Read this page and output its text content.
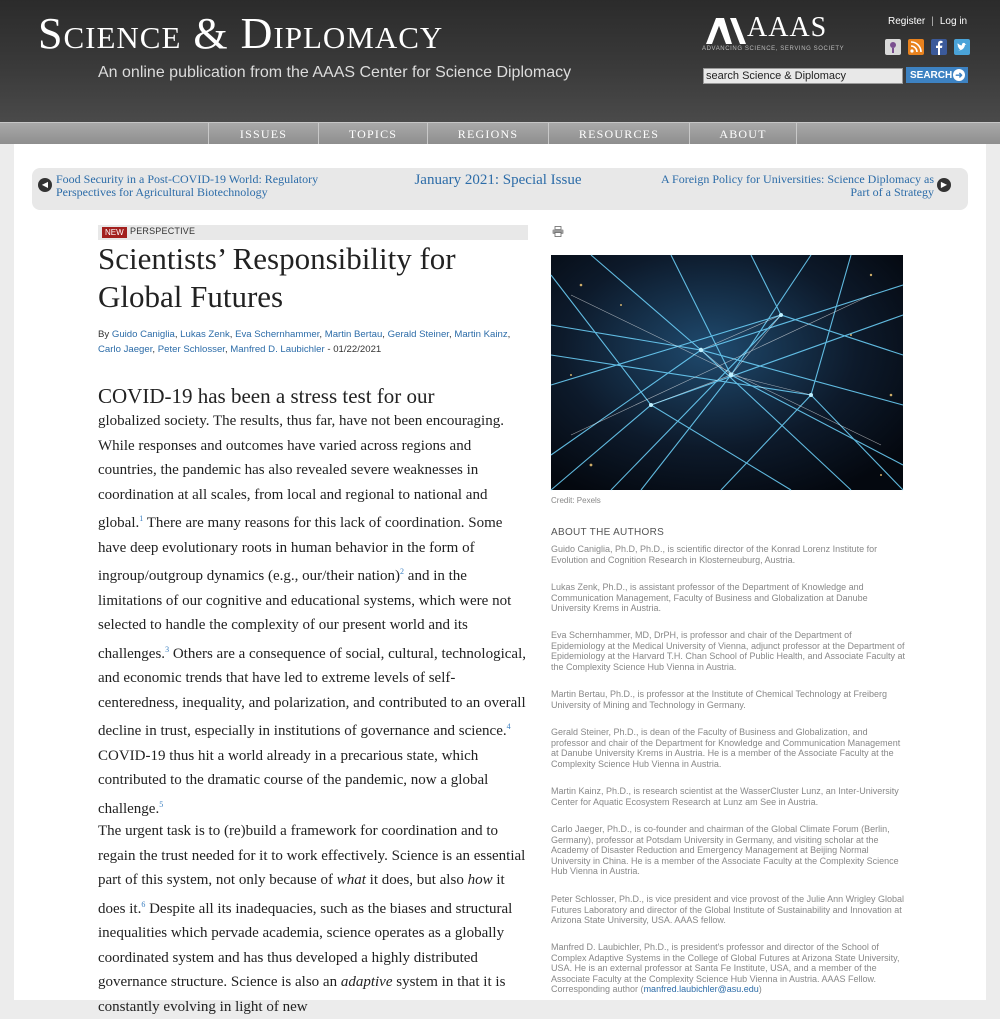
Science & Diplomacy
An online publication from the AAAS Center for Science Diplomacy
AAAS
ADVANCING SCIENCE, SERVING SOCIETY
Register | Log in
search Science & Diplomacy
SEARCH ➜
ISSUES	TOPICS	REGIONS	RESOURCES	ABOUT
◀ Food Security in a Post-COVID-19 World: Regulatory Perspectives for Agricultural Biotechnology
January 2021: Special Issue	A Foreign Policy for Universities: Science Diplomacy as Part of a Strategy
▶
NEW PERSPECTIVE
Scientists’ Responsibility for Global Futures
By Guido Caniglia, Lukas Zenk, Eva Schernhammer, Martin Bertau, Gerald Steiner, Martin Kainz, Carlo Jaeger, Peter Schlosser, Manfred D. Laubichler - 01/22/2021
COVID-19 has been a stress test for our

globalized society. The results, thus far, have not been encouraging. While responses and outcomes have varied across regions and countries, the pandemic has also revealed severe weaknesses in coordination at all scales, from local and regional to national and global.$^1$ There are many reasons for this lack of coordination. Some have deep evolutionary roots in human behavior in the form of ingroup/outgroup dynamics (e.g., our/their nation)$^2$ and in the limitations of our cognitive and educational systems, which were not selected to handle the complexity of our present world and its challenges.$^3$ Others are a consequence of social, cultural, technological, and economic trends that have led to extreme levels of self-centeredness, inequality, and polarization, and contributed to an overall decline in trust, especially in institutions of governance and science.$^4$ COVID-19 thus hit a world already in a precarious state, which contributed to the dramatic course of the pandemic, now a global challenge.$^5$

The urgent task is to (re)build a framework for coordination and to regain the trust needed for it to work effectively. Science is an essential part of this system, not only because of what it does, but also how it does it.$^6$ Despite all its inadequacies, such as the biases and structural inequalities which pervade academia, science operates as a globally coordinated system and has thus developed a highly distributed governance structure. Science is also an adaptive system in that it is constantly evolving in light of new

Credit: Pexels
ABOUT THE AUTHORS
Guido Caniglia, Ph.D, Ph.D., is scientific director of the Konrad Lorenz Institute for Evolution and Cognition Research in Klosterneuburg, Austria.
Lukas Zenk, Ph.D., is assistant professor of the Department of Knowledge and Communication Management, Faculty of Business and Globalization at Danube University Krems in Austria.
Eva Schernhammer, MD, DrPH, is professor and chair of the Department of Epidemiology at the Medical University of Vienna, adjunct professor at the Department of Epidemiology at the Harvard T.H. Chan School of Public Health, and Associate Faculty at the Complexity Science Hub Vienna in Austria.
Martin Bertau, Ph.D., is professor at the Institute of Chemical Technology at Freiberg University of Mining and Technology in Germany.
Gerald Steiner, Ph.D., is dean of the Faculty of Business and Globalization, and professor and chair of the Department for Knowledge and Communication Management at Danube University Krems in Austria. He is a member of the Associate Faculty at the Complexity Science Hub Vienna in Austria.
Martin Kainz, Ph.D., is research scientist at the WasserCluster Lunz, an Inter-University Center for Aquatic Ecosystem Research at Lunz am See in Austria.
Carlo Jaeger, Ph.D., is co-founder and chairman of the Global Climate Forum (Berlin, Germany), professor at Potsdam University in Germany, and visiting scholar at the Academy of Disaster Reduction and Emergency Management at Beijing Normal University in China. He is a member of the Associate Faculty at the Complexity Science Hub Vienna in Austria.
Peter Schlosser, Ph.D., is vice president and vice provost of the Julie Ann Wrigley Global Futures Laboratory and director of the Global Institute of Sustainability and Innovation at Arizona State University, USA. AAAS fellow.
Manfred D. Laubichler, Ph.D., is president's professor and director of the School of Complex Adaptive Systems in the College of Global Futures at Arizona State University, USA. He is an external professor at Santa Fe Institute, USA, and a member of the Associate Faculty at the Complexity Science Hub Vienna in Austria. AAAS Fellow. Corresponding author (manfred.laubichler@asu.edu)
